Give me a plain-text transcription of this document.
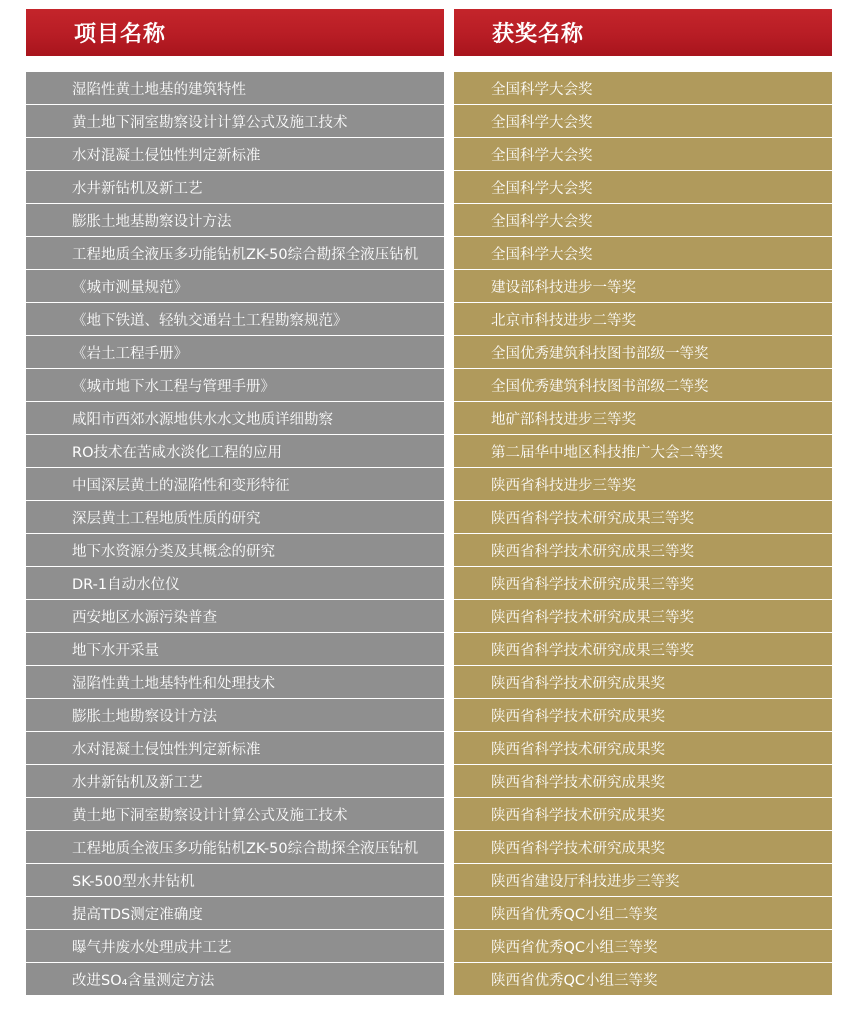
项目名称
湿陷性黄土地基的建筑特性
黄土地下洞室勘察设计计算公式及施工技术
水对混凝土侵蚀性判定新标准
水井新钻机及新工艺
膨胀土地基勘察设计方法
工程地质全液压多功能钻机ZK-50综合勘探全液压钻机
《城市测量规范》
《地下铁道、轻轨交通岩土工程勘察规范》
《岩土工程手册》
《城市地下水工程与管理手册》
咸阳市西郊水源地供水水文地质详细勘察
RO技术在苦咸水淡化工程的应用
中国深层黄土的湿陷性和变形特征
深层黄土工程地质性质的研究
地下水资源分类及其概念的研究
DR-1自动水位仪
西安地区水源污染普查
地下水开采量
湿陷性黄土地基特性和处理技术
膨胀土地勘察设计方法
水对混凝土侵蚀性判定新标准
水井新钻机及新工艺
黄土地下洞室勘察设计计算公式及施工技术
工程地质全液压多功能钻机ZK-50综合勘探全液压钻机
SK-500型水井钻机
提高TDS测定准确度
曝气井废水处理成井工艺
改进SO₄含量测定方法
获奖名称
全国科学大会奖
全国科学大会奖
全国科学大会奖
全国科学大会奖
全国科学大会奖
全国科学大会奖
建设部科技进步一等奖
北京市科技进步二等奖
全国优秀建筑科技图书部级一等奖
全国优秀建筑科技图书部级二等奖
地矿部科技进步三等奖
第二届华中地区科技推广大会二等奖
陕西省科技进步三等奖
陕西省科学技术研究成果三等奖
陕西省科学技术研究成果三等奖
陕西省科学技术研究成果三等奖
陕西省科学技术研究成果三等奖
陕西省科学技术研究成果三等奖
陕西省科学技术研究成果奖
陕西省科学技术研究成果奖
陕西省科学技术研究成果奖
陕西省科学技术研究成果奖
陕西省科学技术研究成果奖
陕西省科学技术研究成果奖
陕西省建设厅科技进步三等奖
陕西省优秀QC小组二等奖
陕西省优秀QC小组三等奖
陕西省优秀QC小组三等奖
